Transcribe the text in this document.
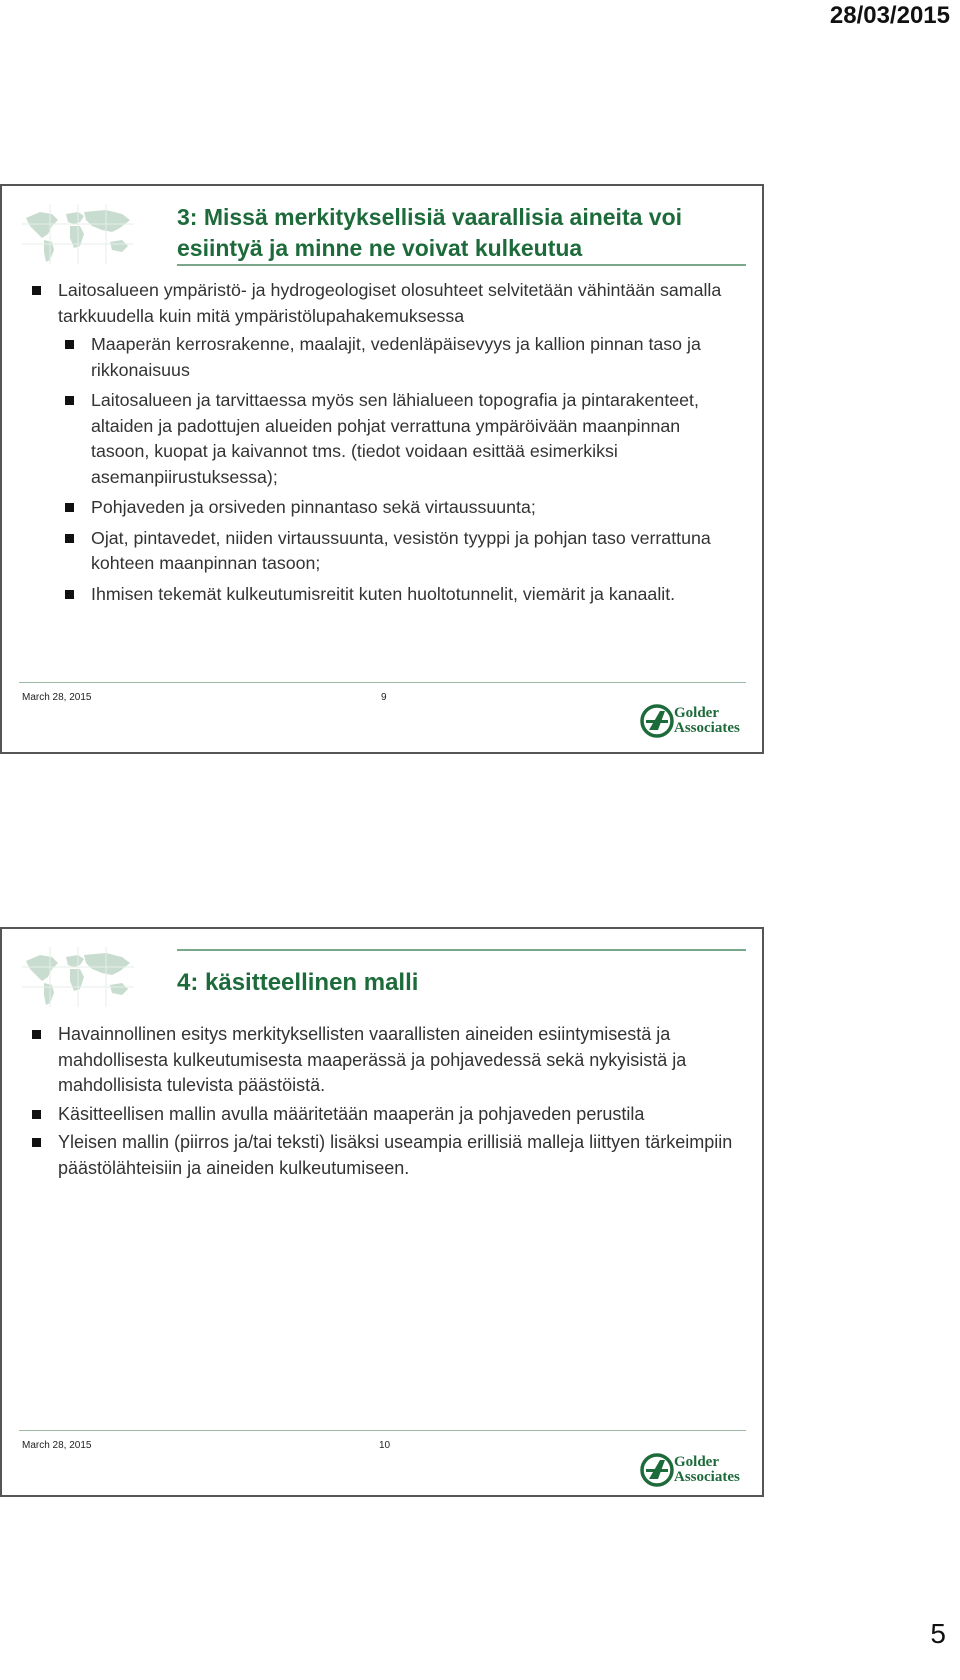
28/03/2015
3: Missä merkityksellisiä vaarallisia aineita voi esiintyä ja minne ne voivat kulkeutua
Laitosalueen ympäristö- ja hydrogeologiset olosuhteet selvitetään vähintään samalla tarkkuudella kuin mitä ympäristölupahakemuksessa
Maaperän kerrosrakenne, maalajit, vedenläpäisevyys ja kallion pinnan taso ja rikkonaisuus
Laitosalueen ja tarvittaessa myös sen lähialueen topografia ja pintarakenteet, altaiden ja padottujen alueiden pohjat verrattuna ympäröivään maanpinnan tasoon, kuopat ja kaivannot tms. (tiedot voidaan esittää esimerkiksi asemanpiirustuksessa);
Pohjaveden ja orsiveden pinnantaso sekä virtaussuunta;
Ojat, pintavedet, niiden virtaussuunta, vesistön tyyppi ja pohjan taso verrattuna kohteen maanpinnan tasoon;
Ihmisen tekemät kulkeutumisreitit kuten huoltotunnelit, viemärit ja kanaalit.
March 28, 2015	9
Golder
Associates
4: käsitteellinen malli
Havainnollinen esitys merkityksellisten vaarallisten aineiden esiintymisestä ja mahdollisesta kulkeutumisesta maaperässä ja pohjavedessä sekä nykyisistä ja mahdollisista tulevista päästöistä.
Käsitteellisen mallin avulla määritetään maaperän ja pohjaveden perustila
Yleisen mallin (piirros ja/tai teksti) lisäksi useampia erillisiä malleja liittyen tärkeimpiin päästölähteisiin ja aineiden kulkeutumiseen.
March 28, 2015	10
Golder
Associates
5
